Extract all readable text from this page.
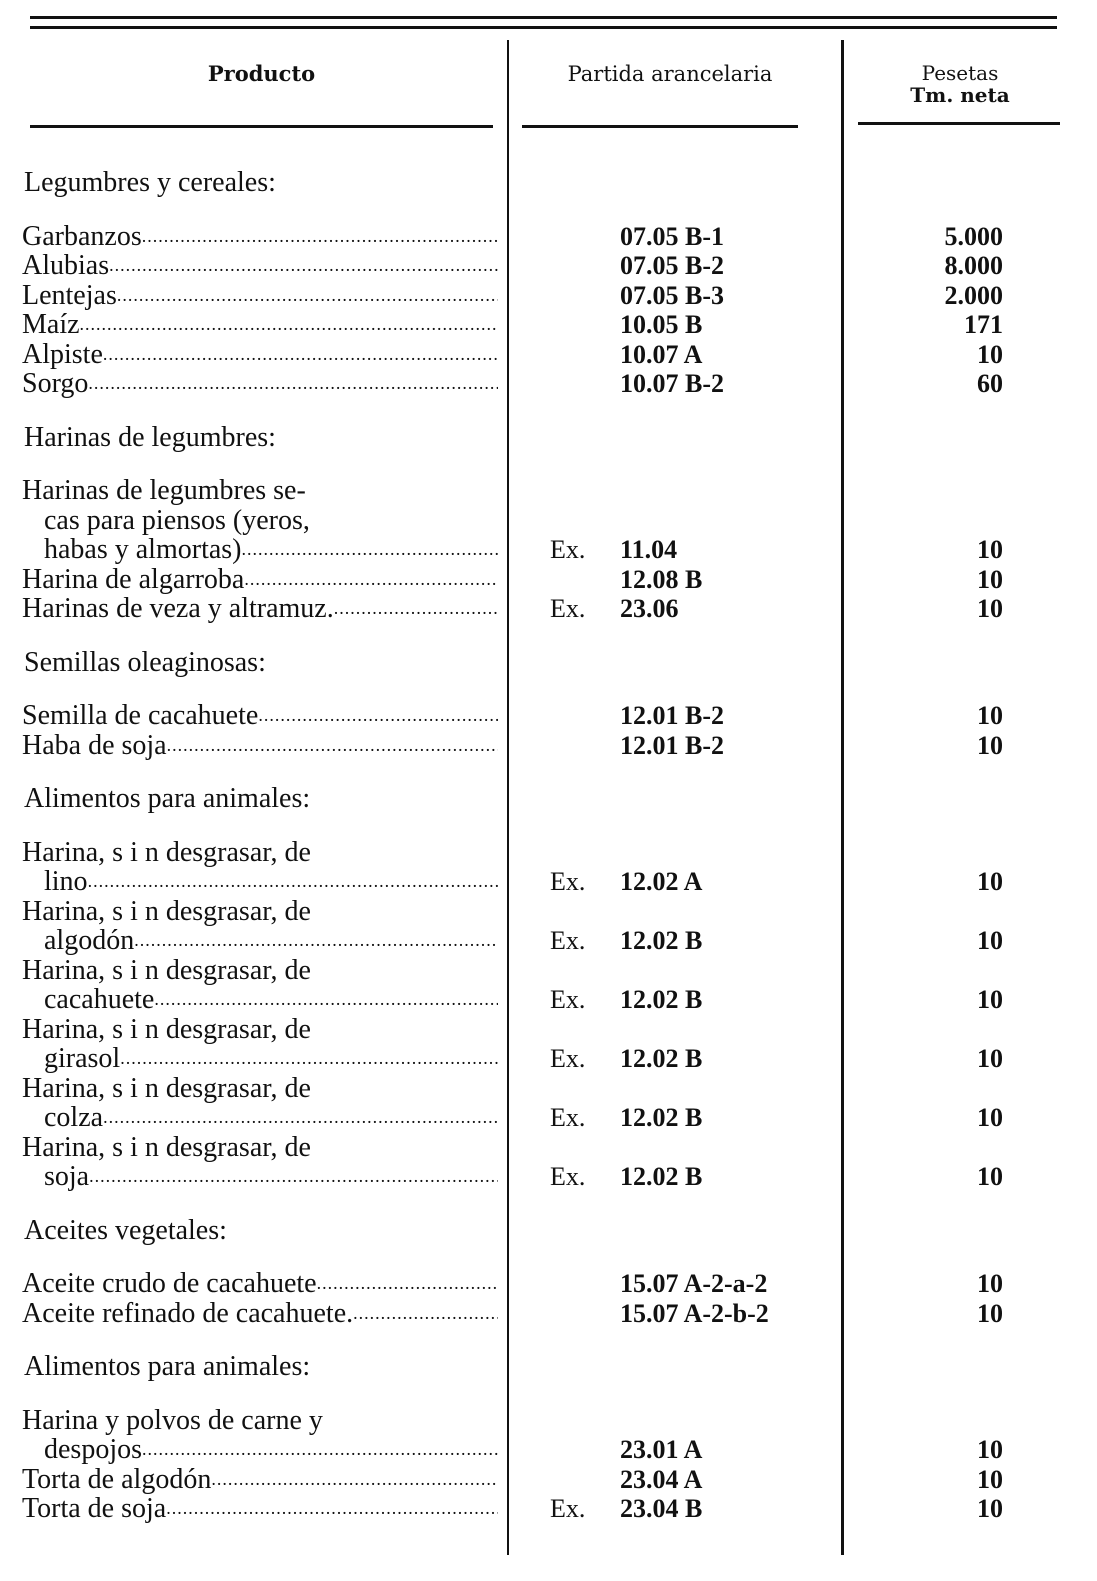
Producto	Partida arancelaria	Pesetas
Tm. neta
Legumbres y cereales:
Garbanzos .....	07.05 B-1	5.000
Alubias .....	07.05 B-2	8.000
Lentejas .....	07.05 B-3	2.000
Maíz .....	10.05 B	171
Alpiste .....	10.07 A	10
Sorgo .....	10.07 B-2	60
Harinas de legumbres:
Harinas de legumbres se-
cas para piensos (yeros,
habas y almortas) .....	Ex. 11.04	10
Harina de algarroba .....	12.08 B	10
Harinas de veza y altramuz. .....	Ex. 23.06	10
Semillas oleaginosas:
Semilla de cacahuete .....	12.01 B-2	10
Haba de soja .....	12.01 B-2	10
Alimentos para animales:
Harina, s i n desgrasar, de
lino .....	Ex. 12.02 A	10
Harina, s i n desgrasar, de
algodón .....	Ex. 12.02 B	10
Harina, s i n desgrasar, de
cacahuete .....	Ex. 12.02 B	10
Harina, s i n desgrasar, de
girasol .....	Ex. 12.02 B	10
Harina, s i n desgrasar, de
colza .....	Ex. 12.02 B	10
Harina, s i n desgrasar, de
soja .....	Ex. 12.02 B	10
Aceites vegetales:
Aceite crudo de cacahuete .....	15.07 A-2-a-2	10
Aceite refinado de cacahuete. .....	15.07 A-2-b-2	10
Alimentos para animales:
Harina y polvos de carne y
despojos .....	23.01 A	10
Torta de algodón .....	23.04 A	10
Torta de soja .....	Ex. 23.04 B	10
